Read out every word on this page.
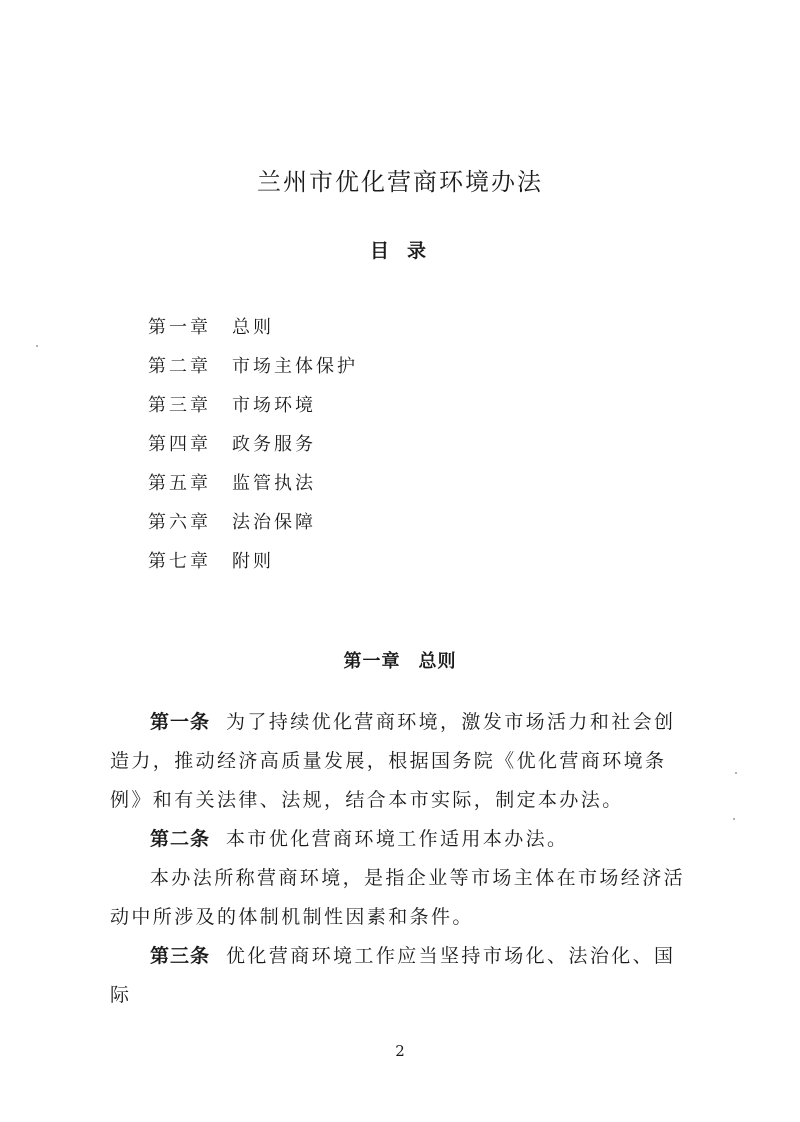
兰州市优化营商环境办法
目录
第一章 总则
第二章 市场主体保护
第三章 市场环境
第四章 政务服务
第五章 监管执法
第六章 法治保障
第七章 附则
第一章 总则

第一条 为了持续优化营商环境，激发市场活力和社会创造力，推动经济高质量发展，根据国务院《优化营商环境条例》和有关法律、法规，结合本市实际，制定本办法。

第二条 本市优化营商环境工作适用本办法。

本办法所称营商环境，是指企业等市场主体在市场经济活动中所涉及的体制机制性因素和条件。

第三条 优化营商环境工作应当坚持市场化、法治化、国际

2
